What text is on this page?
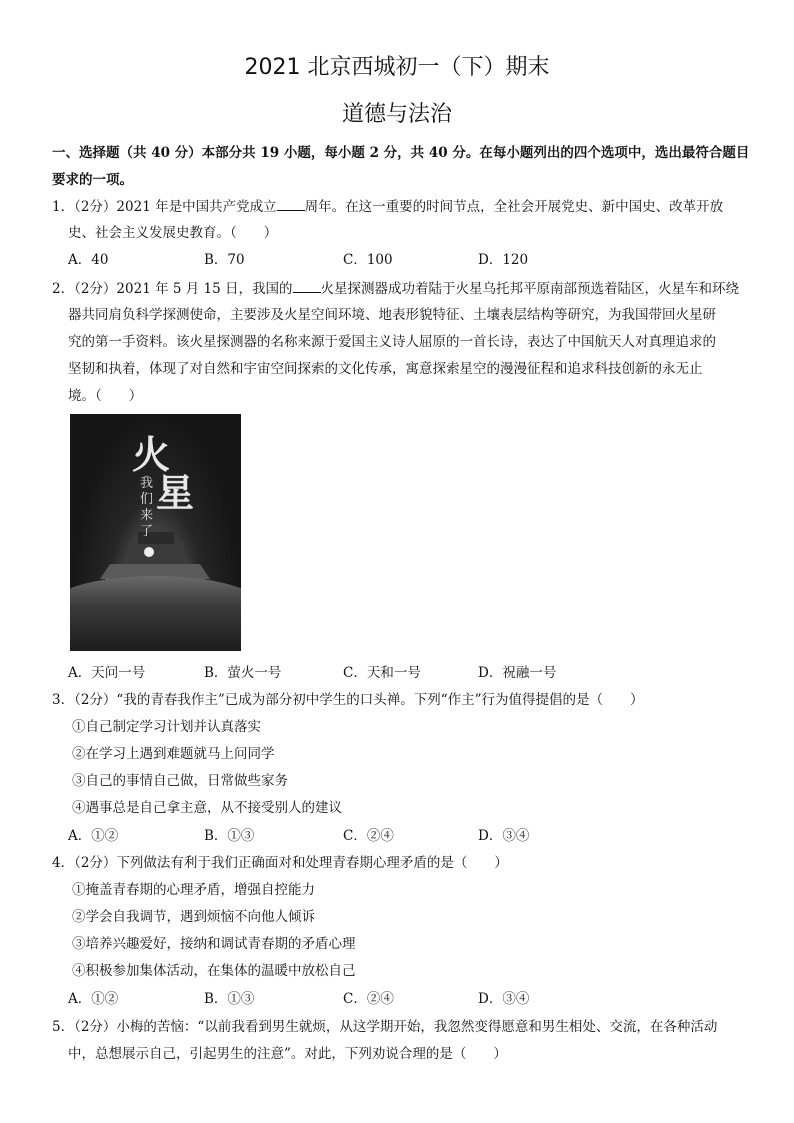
2021 北京西城初一（下）期末
道德与法治
一、选择题（共 40 分）本部分共 19 小题，每小题 2 分，共 40 分。在每小题列出的四个选项中，选出最符合题目
要求的一项。
1．（2分）2021 年是中国共产党成立 周年。在这一重要的时间节点，全社会开展党史、新中国史、改革开放
史、社会主义发展史教育。（　　）
A．40	B．70	C．100	D．120
2．（2分）2021 年 5 月 15 日，我国的 火星探测器成功着陆于火星乌托邦平原南部预选着陆区，火星车和环绕
器共同肩负科学探测使命，主要涉及火星空间环境、地表形貌特征、土壤表层结构等研究，为我国带回火星研
究的第一手资料。该火星探测器的名称来源于爱国主义诗人屈原的一首长诗，表达了中国航天人对真理追求的
坚韧和执着，体现了对自然和宇宙空间探索的文化传承，寓意探索星空的漫漫征程和追求科技创新的永无止
境。（　　）
火
星
我
们
来
了
A．天问一号	B．萤火一号	C．天和一号	D．祝融一号
3．（2分）“我的青春我作主”已成为部分初中学生的口头禅。下列“作主”行为值得提倡的是（　　）
①自己制定学习计划并认真落实
②在学习上遇到难题就马上问同学
③自己的事情自己做，日常做些家务
④遇事总是自己拿主意，从不接受别人的建议
A．①②	B．①③	C．②④	D．③④
4．（2分）下列做法有利于我们正确面对和处理青春期心理矛盾的是（　　）
①掩盖青春期的心理矛盾，增强自控能力
②学会自我调节，遇到烦恼不向他人倾诉
③培养兴趣爱好，接纳和调试青春期的矛盾心理
④积极参加集体活动，在集体的温暖中放松自己
A．①②	B．①③	C．②④	D．③④
5．（2分）小梅的苦恼：“以前我看到男生就烦，从这学期开始，我忽然变得愿意和男生相处、交流，在各种活动
中，总想展示自己，引起男生的注意”。对此，下列劝说合理的是（　　）
